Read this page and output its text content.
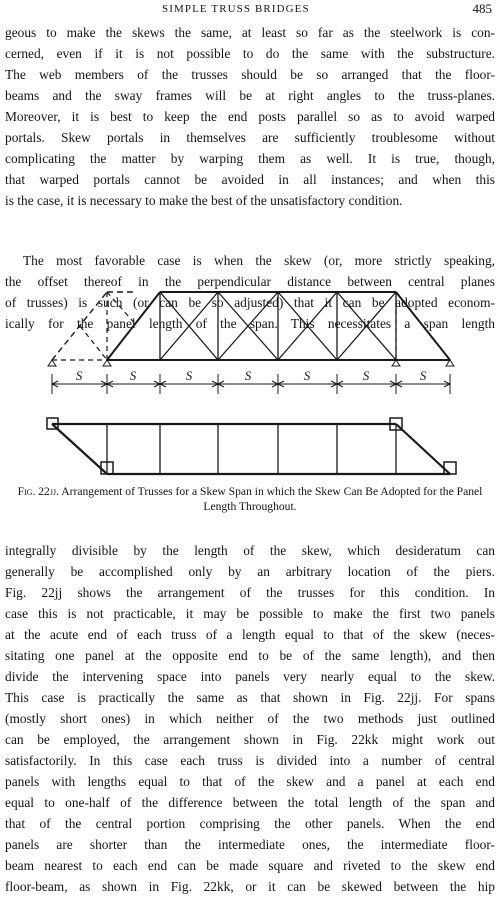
SIMPLE TRUSS BRIDGES	485

geous to make the skews the same, at least so far as the steelwork is con-
cerned, even if it is not possible to do the same with the substructure.
The web members of the trusses should be so arranged that the floor-
beams and the sway frames will be at right angles to the truss-planes.
Moreover, it is best to keep the end posts parallel so as to avoid warped
portals. Skew portals in themselves are sufficiently troublesome without
complicating the matter by warping them as well. It is true, though,
that warped portals cannot be avoided in all instances; and when this
is the case, it is necessary to make the best of the unsatisfactory condition.

The most favorable case is when the skew (or, more strictly speaking,
the offset thereof in the perpendicular distance between central planes
of trusses) is such (or can be so adjusted) that it can be adopted econom-
ically for the panel length of the span. This necessitates a span length

S	S	S	S	S	S	S
Fig. 22jj. Arrangement of Trusses for a Skew Span in which the Skew Can Be Adopted for the Panel Length Throughout.

integrally divisible by the length of the skew, which desideratum can
generally be accomplished only by an arbitrary location of the piers.
Fig. 22jj shows the arrangement of the trusses for this condition. In
case this is not practicable, it may be possible to make the first two panels
at the acute end of each truss of a length equal to that of the skew (neces-
sitating one panel at the opposite end to be of the same length), and then
divide the intervening space into panels very nearly equal to the skew.
This case is practically the same as that shown in Fig. 22jj. For spans
(mostly short ones) in which neither of the two methods just outlined
can be employed, the arrangement shown in Fig. 22kk might work out
satisfactorily. In this case each truss is divided into a number of central
panels with lengths equal to that of the skew and a panel at each end
equal to one-half of the difference between the total length of the span and
that of the central portion comprising the other panels. When the end
panels are shorter than the intermediate ones, the intermediate floor-
beam nearest to each end can be made square and riveted to the skew end
floor-beam, as shown in Fig. 22kk, or it can be skewed between the hip
